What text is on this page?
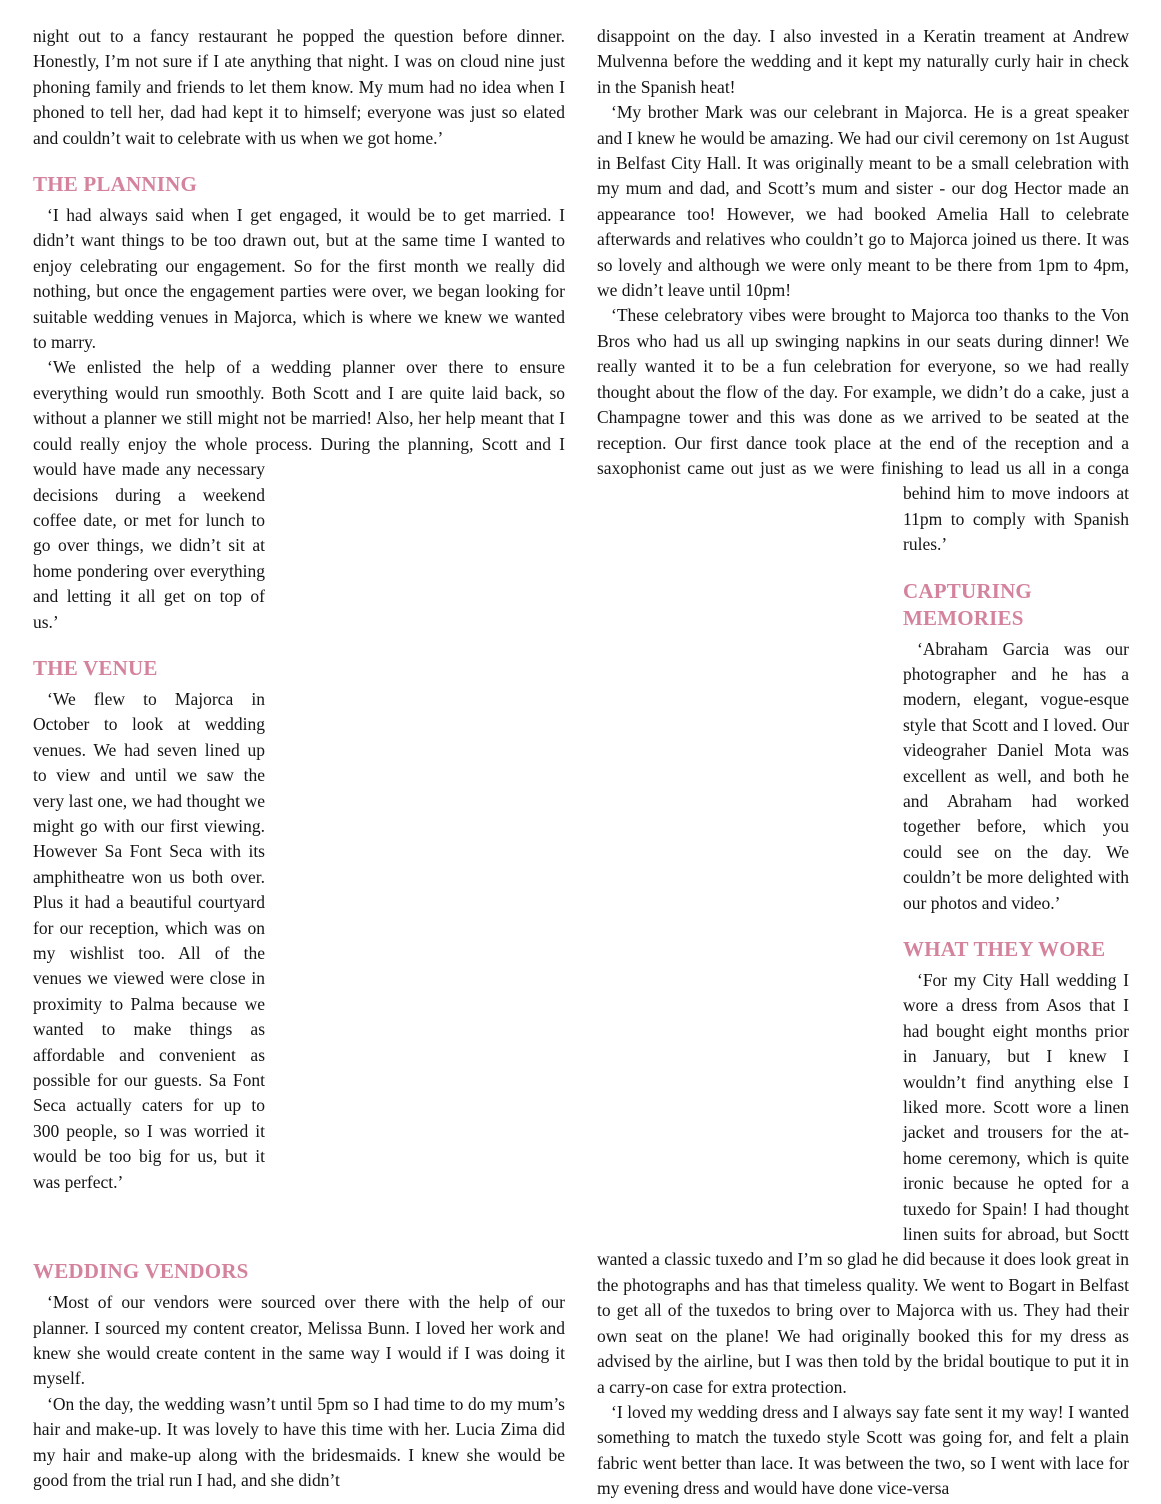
night out to a fancy restaurant he popped the question before dinner. Honestly, I’m not sure if I ate anything that night. I was on cloud nine just phoning family and friends to let them know. My mum had no idea when I phoned to tell her, dad had kept it to himself; everyone was just so elated and couldn’t wait to celebrate with us when we got home.’

THE PLANNING

‘I had always said when I get engaged, it would be to get married. I didn’t want things to be too drawn out, but at the same time I wanted to enjoy celebrating our engagement. So for the first month we really did nothing, but once the engagement parties were over, we began looking for suitable wedding venues in Majorca, which is where we knew we wanted to marry.

‘We enlisted the help of a wedding planner over there to ensure everything would run smoothly. Both Scott and I are quite laid back, so without a planner we still might not be married! Also, her help meant that I could really enjoy the whole process. During the
planning, Scott and I would have made any necessary decisions during a weekend coffee date, or met for lunch to go over things, we didn’t sit at home pondering over everything and letting it all get on top of us.’

THE VENUE

‘We flew to Majorca in October to look at wedding venues. We had seven lined up to view and until we saw the very last one, we had thought we might go with our first viewing. However Sa Font Seca with its amphitheatre won us both over. Plus it had a beautiful courtyard for our reception, which was on my wishlist too. All of the venues we viewed were close in proximity to Palma because we wanted to make things as affordable and convenient as possible for our guests. Sa Font Seca actually caters for up to 300 people, so I was worried it would be too big for us, but it was perfect.’

WEDDING VENDORS

‘Most of our vendors were sourced over there with the help of our planner. I sourced my content creator, Melissa Bunn. I loved her work and knew she would create content in the same way I would if I was doing it myself.

‘On the day, the wedding wasn’t until 5pm so I had time to do my mum’s hair and make-up. It was lovely to have this time with her. Lucia Zima did my hair and make-up along with the bridesmaids. I knew she would be good from the trial run I had, and she didn’t

disappoint on the day. I also invested in a Keratin treament at Andrew Mulvenna before the wedding and it kept my naturally curly hair in check in the Spanish heat!

‘My brother Mark was our celebrant in Majorca. He is a great speaker and I knew he would be amazing. We had our civil ceremony on 1st August in Belfast City Hall. It was originally meant to be a small celebration with my mum and dad, and Scott’s mum and sister - our dog Hector made an appearance too! However, we had booked Amelia Hall to celebrate afterwards and relatives who couldn’t go to Majorca joined us there. It was so lovely and although we were only meant to be there from 1pm to 4pm, we didn’t leave until 10pm!

‘These celebratory vibes were brought to Majorca too thanks to the Von Bros who had us all up swinging napkins in our seats during dinner! We really wanted it to be a fun celebration for everyone, so we had really thought about the flow of the day. For example, we didn’t do a cake, just a Champagne tower and this was done as we arrived to be seated at the reception. Our first dance took place at the end of the reception and a saxophonist came out just as we were finishing to lead
us all in a conga behind him to move indoors at 11pm to comply with Spanish rules.’

CAPTURING MEMORIES

‘Abraham Garcia was our photographer and he has a modern, elegant, vogue-esque style that Scott and I loved. Our videograher Daniel Mota was excellent as well, and both he and Abraham had worked together before, which you could see on the day. We couldn’t be more delighted with our photos and video.’

WHAT THEY WORE

‘For my City Hall wedding I wore a dress from Asos that I had bought eight months prior in January, but I knew I wouldn’t find anything else I liked more. Scott wore a linen jacket and trousers for the at-home ceremony, which is quite ironic because he opted for a tuxedo for Spain! I had thought linen suits for abroad, but Soctt wanted a classic tuxedo and I’m so glad he did because it does look great in the photographs and has that timeless quality. We went to Bogart in Belfast to get all of the tuxedos to bring over to Majorca with us. They had their own seat on the plane! We had originally booked this for my dress as advised by the airline, but I was then told by the bridal boutique to put it in a carry-on case for extra protection.

‘I loved my wedding dress and I always say fate sent it my way! I wanted something to match the tuxedo style Scott was going for, and felt a plain fabric went better than lace. It was between the two, so I went with lace for my evening dress and would have done vice-versa
